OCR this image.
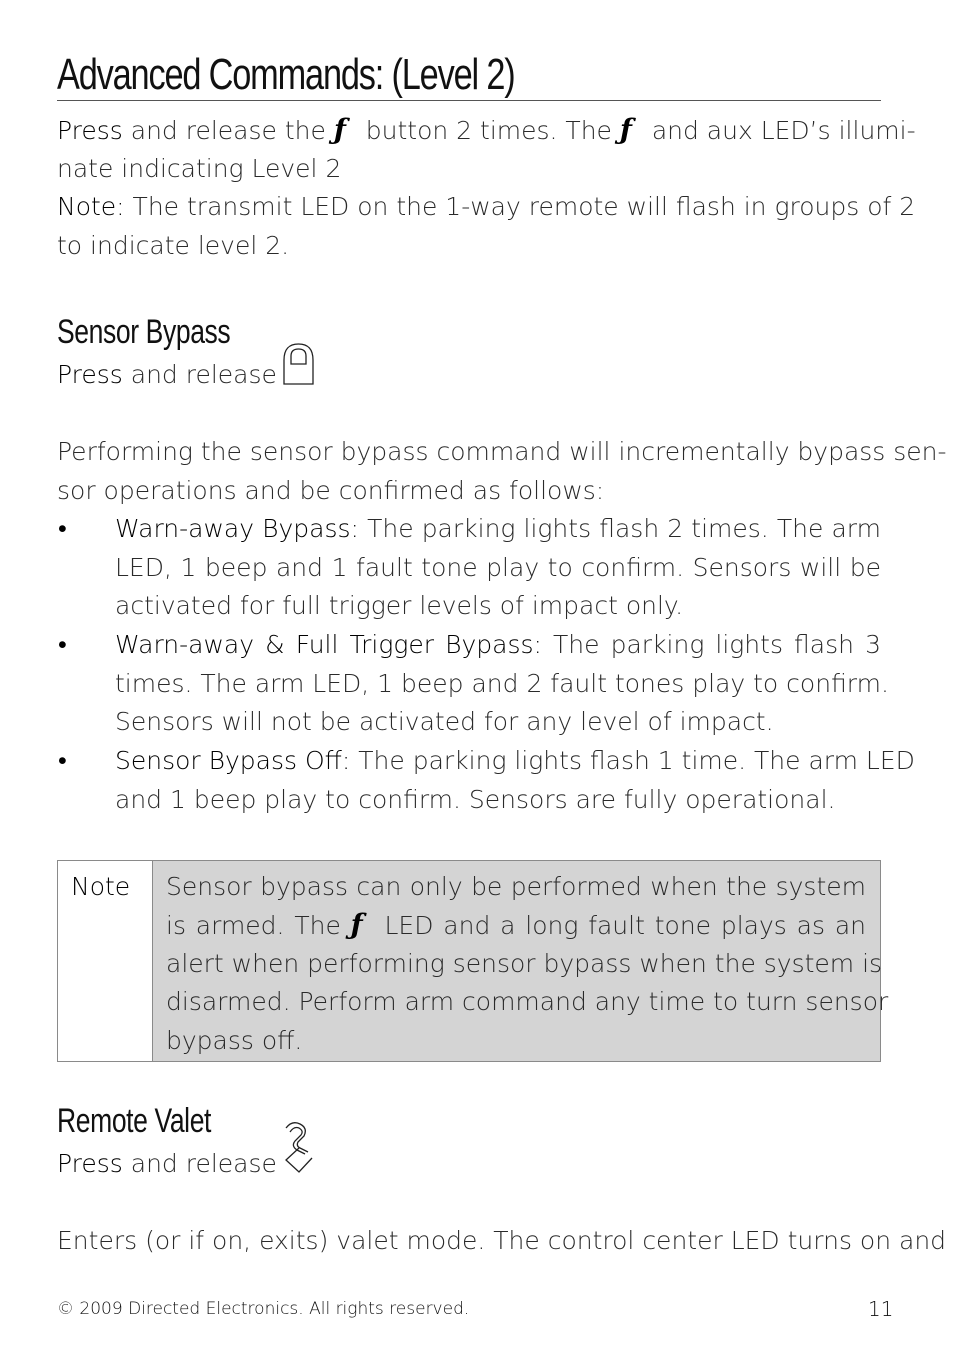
Advanced Commands: (Level 2)
Press and release the ƒ button 2 times. The ƒ and aux LED’s illumi-
nate indicating Level 2
Note: The transmit LED on the 1-way remote will flash in groups of 2
to indicate level 2.
Sensor Bypass
Press and release
Performing the sensor bypass command will incrementally bypass sen-
sor operations and be confirmed as follows:
• Warn-away Bypass: The parking lights flash 2 times. The arm
LED, 1 beep and 1 fault tone play to confirm. Sensors will be
activated for full trigger levels of impact only.
• Warn-away & Full Trigger Bypass: The parking lights flash 3
times. The arm LED, 1 beep and 2 fault tones play to confirm.
Sensors will not be activated for any level of impact.
• Sensor Bypass Off: The parking lights flash 1 time. The arm LED
and 1 beep play to confirm. Sensors are fully operational.
Note	Sensor bypass can only be performed when the system
is armed. The ƒ LED and a long fault tone plays as an
alert when performing sensor bypass when the system is
disarmed. Perform arm command any time to turn sensor
bypass off.
Remote Valet
Press and release
Enters (or if on, exits) valet mode. The control center LED turns on and
© 2009 Directed Electronics. All rights reserved.	11
